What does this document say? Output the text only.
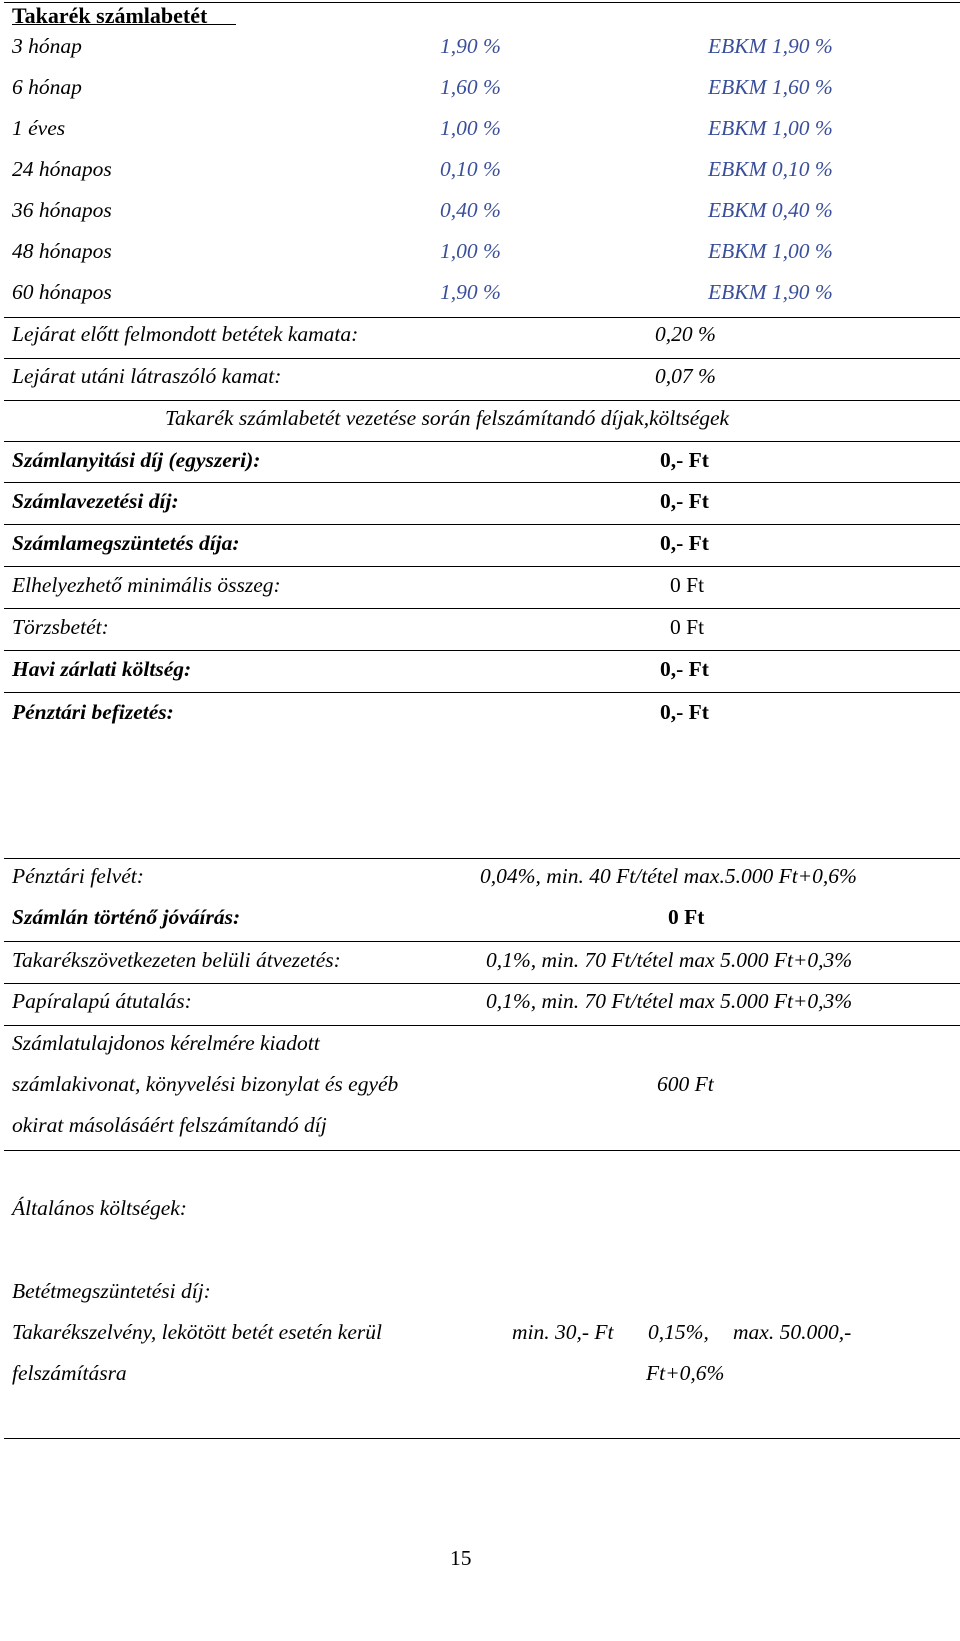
Takarék számlabetét
3 hónap	1,90 %	EBKM 1,90 %
6 hónap	1,60 %	EBKM 1,60 %
1 éves	1,00 %	EBKM 1,00 %
24 hónapos	0,10 %	EBKM 0,10 %
36 hónapos	0,40 %	EBKM 0,40 %
48 hónapos	1,00 %	EBKM 1,00 %
60 hónapos	1,90 %	EBKM 1,90 %
Lejárat előtt felmondott betétek kamata:	0,20 %
Lejárat utáni látraszóló kamat:	0,07 %
Takarék számlabetét vezetése során felszámítandó díjak,költségek
Számlanyitási díj (egyszeri):	0,- Ft
Számlavezetési díj:	0,- Ft
Számlamegszüntetés díja:	0,- Ft
Elhelyezhető minimális összeg:	0 Ft
Törzsbetét:	0 Ft
Havi zárlati költség:	0,- Ft
Pénztári befizetés:	0,- Ft
Pénztári felvét:	0,04%, min. 40 Ft/tétel max.5.000 Ft+0,6%
Számlán történő jóváírás:	0 Ft
Takarékszövetkezeten belüli átvezetés:	0,1%, min. 70 Ft/tétel max 5.000 Ft+0,3%
Papíralapú átutalás:	0,1%, min. 70 Ft/tétel max 5.000 Ft+0,3%
Számlatulajdonos kérelmére kiadott
számlakivonat, könyvelési bizonylat és egyéb
okirat másolásáért felszámítandó díj
600 Ft
Általános költségek:
Betétmegszüntetési díj:
Takarékszelvény, lekötött betét esetén kerül
felszámításra
min. 30,- Ft 0,15%, max. 50.000,-
Ft+0,6%
15
